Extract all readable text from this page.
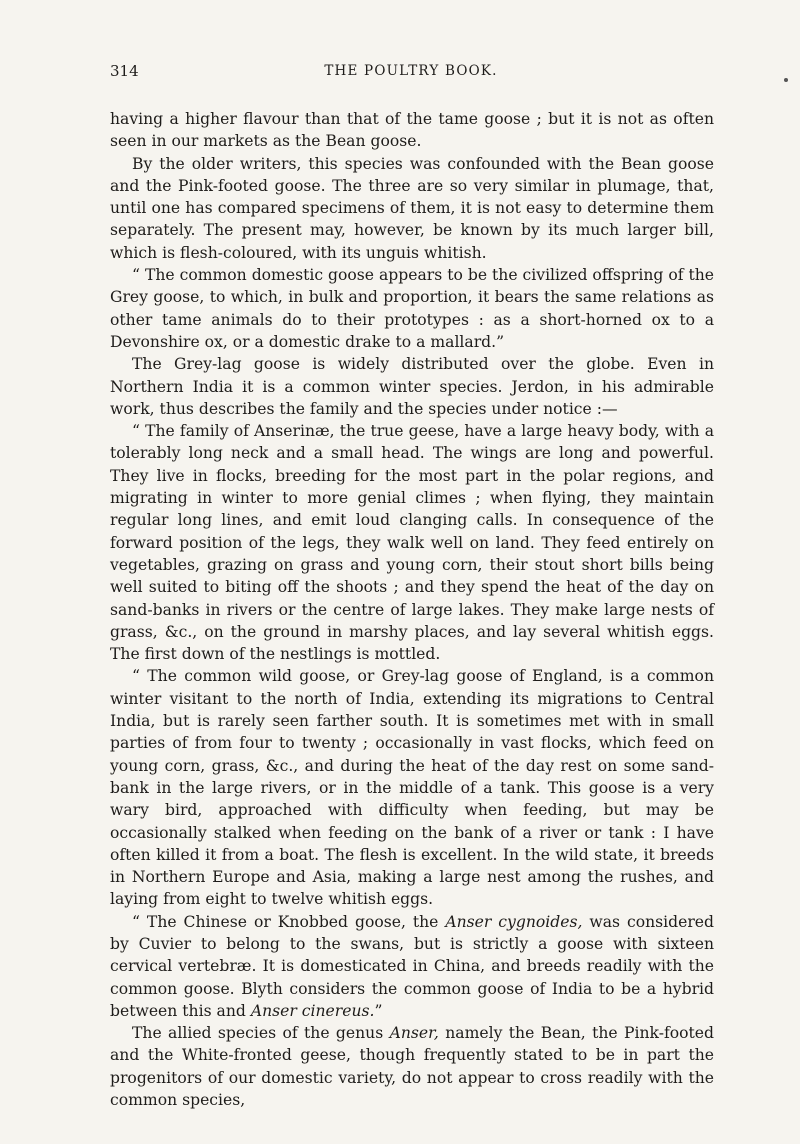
314	THE POULTRY BOOK.

having a higher flavour than that of the tame goose ; but it is not as often seen in our markets as the Bean goose.

By the older writers, this species was confounded with the Bean goose and the Pink-footed goose. The three are so very similar in plumage, that, until one has compared specimens of them, it is not easy to determine them separately. The present may, however, be known by its much larger bill, which is flesh-coloured, with its unguis whitish.

“ The common domestic goose appears to be the civilized offspring of the Grey goose, to which, in bulk and proportion, it bears the same relations as other tame animals do to their prototypes : as a short-horned ox to a Devonshire ox, or a domestic drake to a mallard.”

The Grey-lag goose is widely distributed over the globe. Even in Northern India it is a common winter species. Jerdon, in his admirable work, thus describes the family and the species under notice :—

“ The family of Anserinæ, the true geese, have a large heavy body, with a tolerably long neck and a small head. The wings are long and powerful. They live in flocks, breeding for the most part in the polar regions, and migrating in winter to more genial climes ; when flying, they maintain regular long lines, and emit loud clanging calls. In consequence of the forward position of the legs, they walk well on land. They feed entirely on vegetables, grazing on grass and young corn, their stout short bills being well suited to biting off the shoots ; and they spend the heat of the day on sand-banks in rivers or the centre of large lakes. They make large nests of grass, &c., on the ground in marshy places, and lay several whitish eggs. The first down of the nestlings is mottled.

“ The common wild goose, or Grey-lag goose of England, is a common winter visitant to the north of India, extending its migrations to Central India, but is rarely seen farther south. It is sometimes met with in small parties of from four to twenty ; occasionally in vast flocks, which feed on young corn, grass, &c., and during the heat of the day rest on some sand-bank in the large rivers, or in the middle of a tank. This goose is a very wary bird, approached with difficulty when feeding, but may be occasionally stalked when feeding on the bank of a river or tank : I have often killed it from a boat. The flesh is excellent. In the wild state, it breeds in Northern Europe and Asia, making a large nest among the rushes, and laying from eight to twelve whitish eggs.

“ The Chinese or Knobbed goose, the Anser cygnoides, was considered by Cuvier to belong to the swans, but is strictly a goose with sixteen cervical vertebræ. It is domesticated in China, and breeds readily with the common goose. Blyth considers the common goose of India to be a hybrid between this and Anser cinereus.”

The allied species of the genus Anser, namely the Bean, the Pink-footed and the White-fronted geese, though frequently stated to be in part the progenitors of our domestic variety, do not appear to cross readily with the common species,
